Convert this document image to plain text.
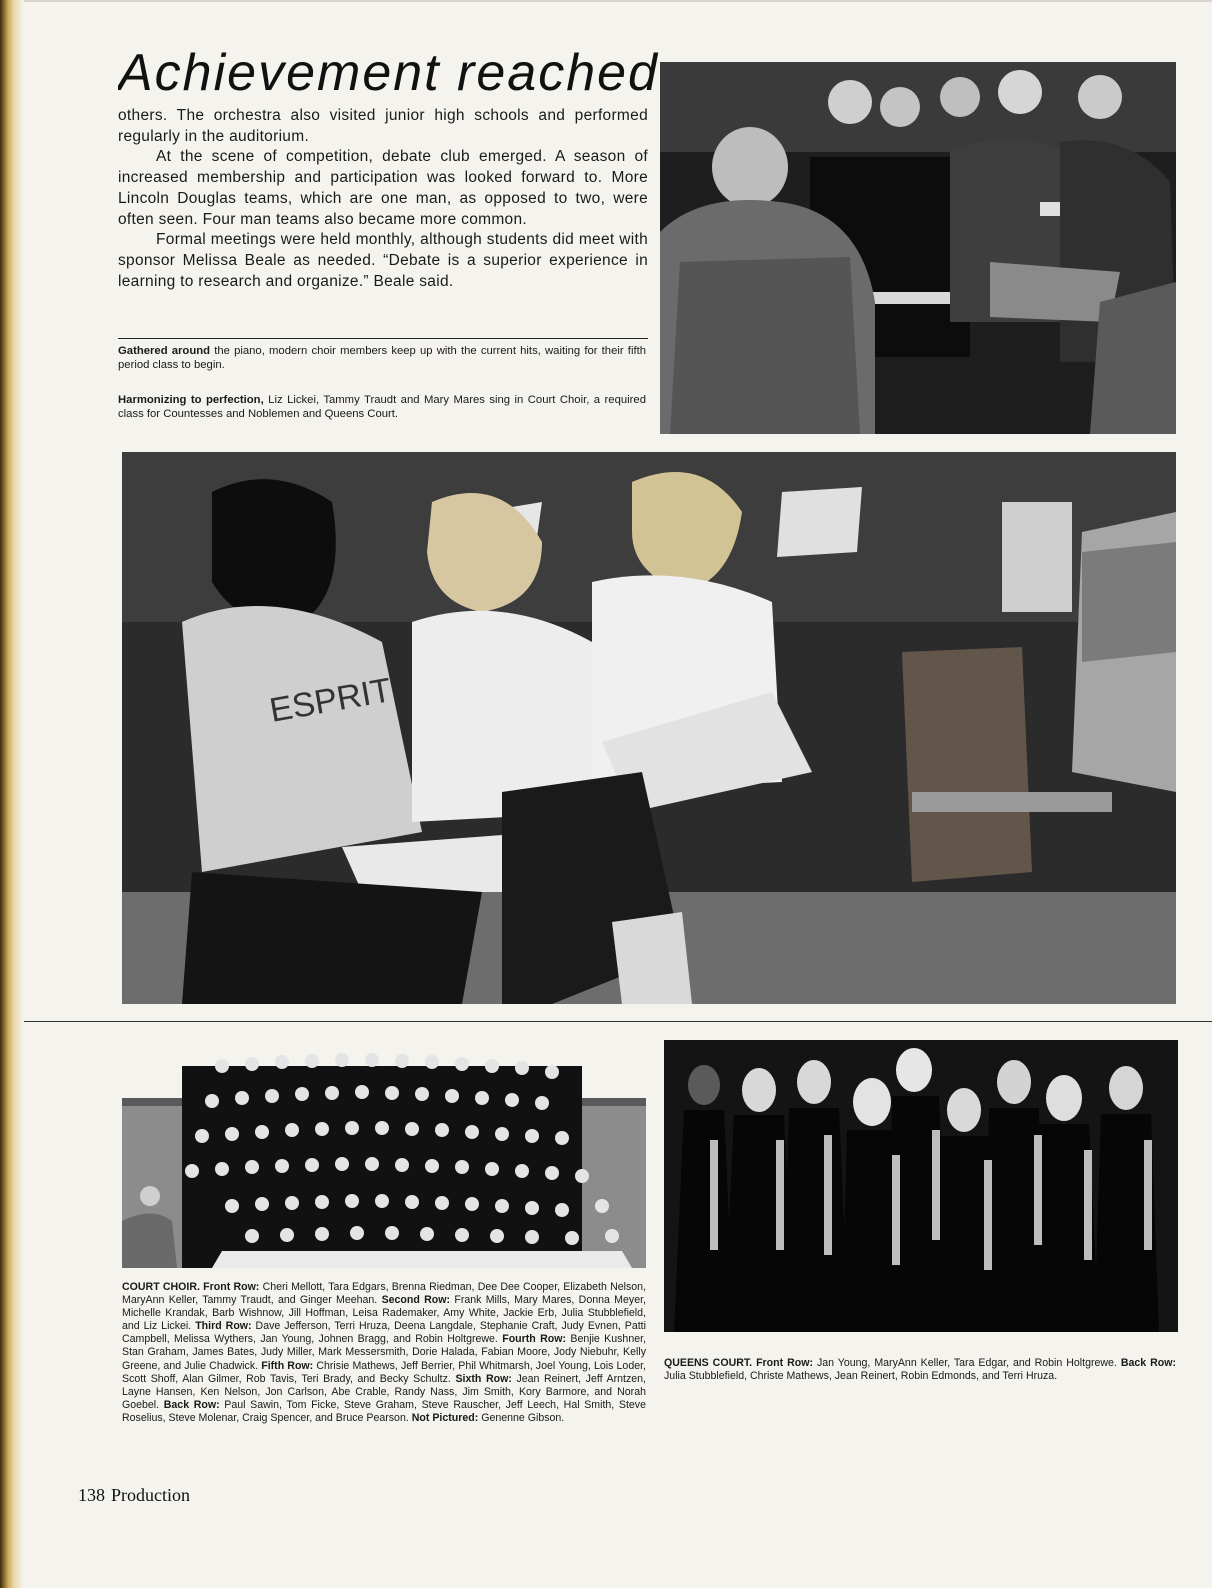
Achievement reached

others. The orchestra also visited junior high schools and performed regularly in the auditorium.

At the scene of competition, debate club emerged. A season of increased membership and participation was looked forward to. More Lincoln Douglas teams, which are one man, as opposed to two, were often seen. Four man teams also became more common.

Formal meetings were held monthly, although students did meet with sponsor Melissa Beale as needed. “Debate is a superior experience in learning to research and organize.” Beale said.

Gathered around the piano, modern choir members keep up with the current hits, waiting for their fifth period class to begin.
Harmonizing to perfection, Liz Lickei, Tammy Traudt and Mary Mares sing in Court Choir, a required class for Countesses and Noblemen and Queens Court.
ESPRIT
COURT CHOIR. Front Row: Cheri Mellott, Tara Edgars, Brenna Riedman, Dee Dee Cooper, Elizabeth Nelson, MaryAnn Keller, Tammy Traudt, and Ginger Meehan. Second Row: Frank Mills, Mary Mares, Donna Meyer, Michelle Krandak, Barb Wishnow, Jill Hoffman, Leisa Rademaker, Amy White, Jackie Erb, Julia Stubblefield, and Liz Lickei. Third Row: Dave Jefferson, Terri Hruza, Deena Langdale, Stephanie Craft, Judy Evnen, Patti Campbell, Melissa Wythers, Jan Young, Johnen Bragg, and Robin Holtgrewe. Fourth Row: Benjie Kushner, Stan Graham, James Bates, Judy Miller, Mark Messersmith, Dorie Halada, Fabian Moore, Jody Niebuhr, Kelly Greene, and Julie Chadwick. Fifth Row: Chrisie Mathews, Jeff Berrier, Phil Whitmarsh, Joel Young, Lois Loder, Scott Shoff, Alan Gilmer, Rob Tavis, Teri Brady, and Becky Schultz. Sixth Row: Jean Reinert, Jeff Arntzen, Layne Hansen, Ken Nelson, Jon Carlson, Abe Crable, Randy Nass, Jim Smith, Kory Barmore, and Norah Goebel. Back Row: Paul Sawin, Tom Ficke, Steve Graham, Steve Rauscher, Jeff Leech, Hal Smith, Steve Roselius, Steve Molenar, Craig Spencer, and Bruce Pearson. Not Pictured: Genenne Gibson.
QUEENS COURT. Front Row: Jan Young, MaryAnn Keller, Tara Edgar, and Robin Holtgrewe. Back Row: Julia Stubblefield, Christe Mathews, Jean Reinert, Robin Edmonds, and Terri Hruza.
138 Production
